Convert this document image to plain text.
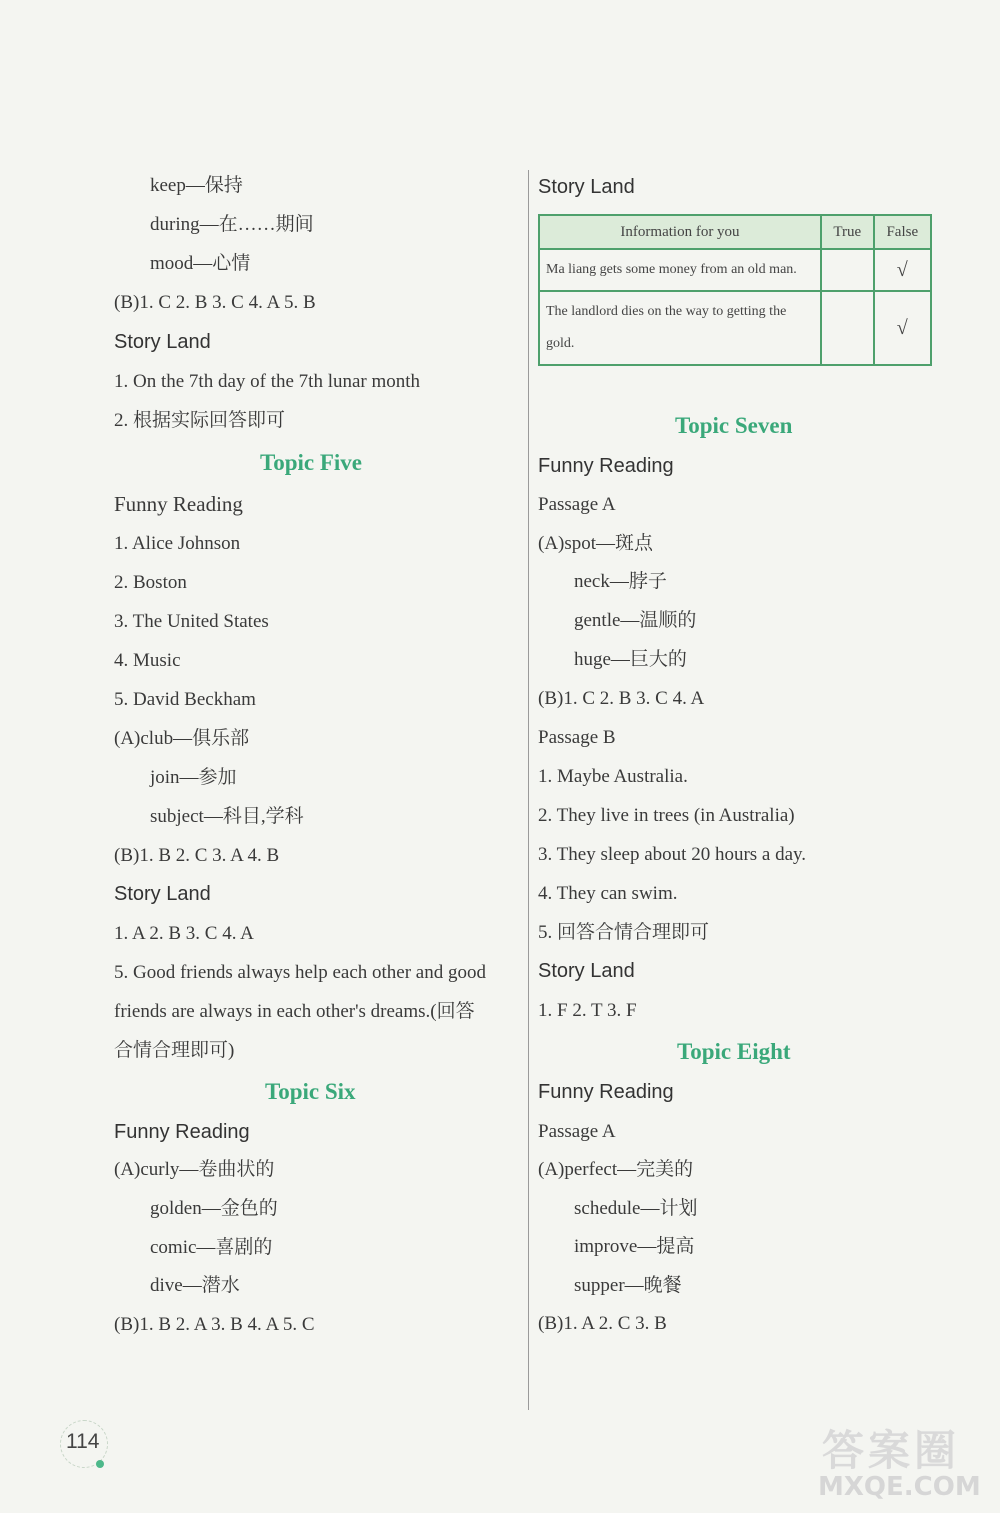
keep—保持
during—在……期间
mood—心情
(B)1. C 2. B 3. C 4. A 5. B
Story Land
1. On the 7th day of the 7th lunar month
2. 根据实际回答即可
Topic Five
Funny Reading
1. Alice Johnson
2. Boston
3. The United States
4. Music
5. David Beckham
(A)club—俱乐部
join—参加
subject—科目,学科
(B)1. B 2. C 3. A 4. B
Story Land
1. A 2. B 3. C 4. A
5. Good friends always help each other and good
friends are always in each other's dreams.(回答
合情合理即可)
Topic Six
Funny Reading
(A)curly—卷曲状的
golden—金色的
comic—喜剧的
dive—潜水
(B)1. B 2. A 3. B 4. A 5. C
Story Land
Topic Seven
Funny Reading
Passage A
(A)spot—斑点
neck—脖子
gentle—温顺的
huge—巨大的
(B)1. C 2. B 3. C 4. A
Passage B
1. Maybe Australia.
2. They live in trees (in Australia)
3. They sleep about 20 hours a day.
4. They can swim.
5. 回答合情合理即可
Story Land
1. F 2. T 3. F
Topic Eight
Funny Reading
Passage A
(A)perfect—完美的
schedule—计划
improve—提高
supper—晚餐
(B)1. A 2. C 3. B
Information for you	True	False
Ma liang gets some money from an old man.		√
The landlord dies on the way to getting the gold.		√
114	答案圈
MXQE.COM
